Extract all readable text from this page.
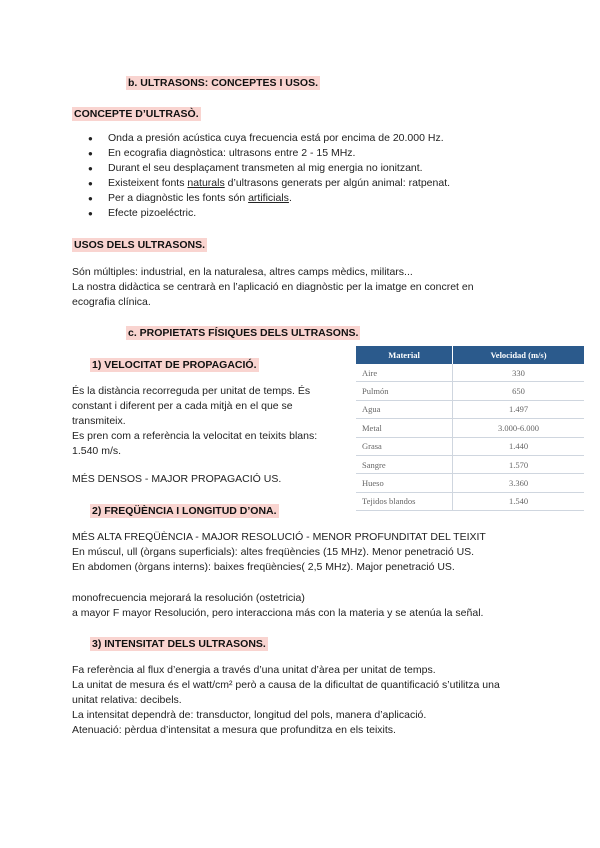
b. ULTRASONS: CONCEPTES I USOS.
CONCEPTE D’ULTRASÒ.
● Onda a presión acústica cuya frecuencia está por encima de 20.000 Hz.
● En ecografia diagnòstica: ultrasons entre 2 - 15 MHz.
● Durant el seu desplaçament transmeten al mig energia no ionitzant.
● Existeixent fonts naturals d’ultrasons generats per algún animal: ratpenat.
● Per a diagnòstic les fonts són artificials.
● Efecte pizoeléctric.
USOS DELS ULTRASONS.
Són múltiples: industrial, en la naturalesa, altres camps mèdics, militars...
La nostra didàctica se centrarà en l’aplicació en diagnòstic per la imatge en concret en
ecografia clínica.
c. PROPIETATS FÍSIQUES DELS ULTRASONS.
1) VELOCITAT DE PROPAGACIÓ.
És la distància recorreguda per unitat de temps. És
constant i diferent per a cada mitjà en el que se
transmiteix.
Es pren com a referència la velocitat en teixits blans:
1.540 m/s.
MÉS DENSOS - MAJOR PROPAGACIÓ US.
Material	Velocidad (m/s)
Aire	330
Pulmón	650
Agua	1.497
Metal	3.000-6.000
Grasa	1.440
Sangre	1.570
Hueso	3.360
Tejidos blandos	1.540
2) FREQÜÈNCIA I LONGITUD D’ONA.
MÉS ALTA FREQÜÈNCIA - MAJOR RESOLUCIÓ - MENOR PROFUNDITAT DEL TEIXIT
En múscul, ull (òrgans superficials): altes freqüències (15 MHz). Menor penetració US.
En abdomen (òrgans interns): baixes freqüències( 2,5 MHz). Major penetració US.
monofrecuencia mejorará la resolución (ostetricia)
a mayor F mayor Resolución, pero interacciona más con la materia y se atenúa la señal.
3) INTENSITAT DELS ULTRASONS.
Fa referència al flux d’energia a través d’una unitat d’àrea per unitat de temps.
La unitat de mesura és el watt/cm² però a causa de la dificultat de quantificació s’utilitza una
unitat relativa: decibels.
La intensitat dependrà de: transductor, longitud del pols, manera d’aplicació.
Atenuació: pèrdua d’intensitat a mesura que profunditza en els teixits.
